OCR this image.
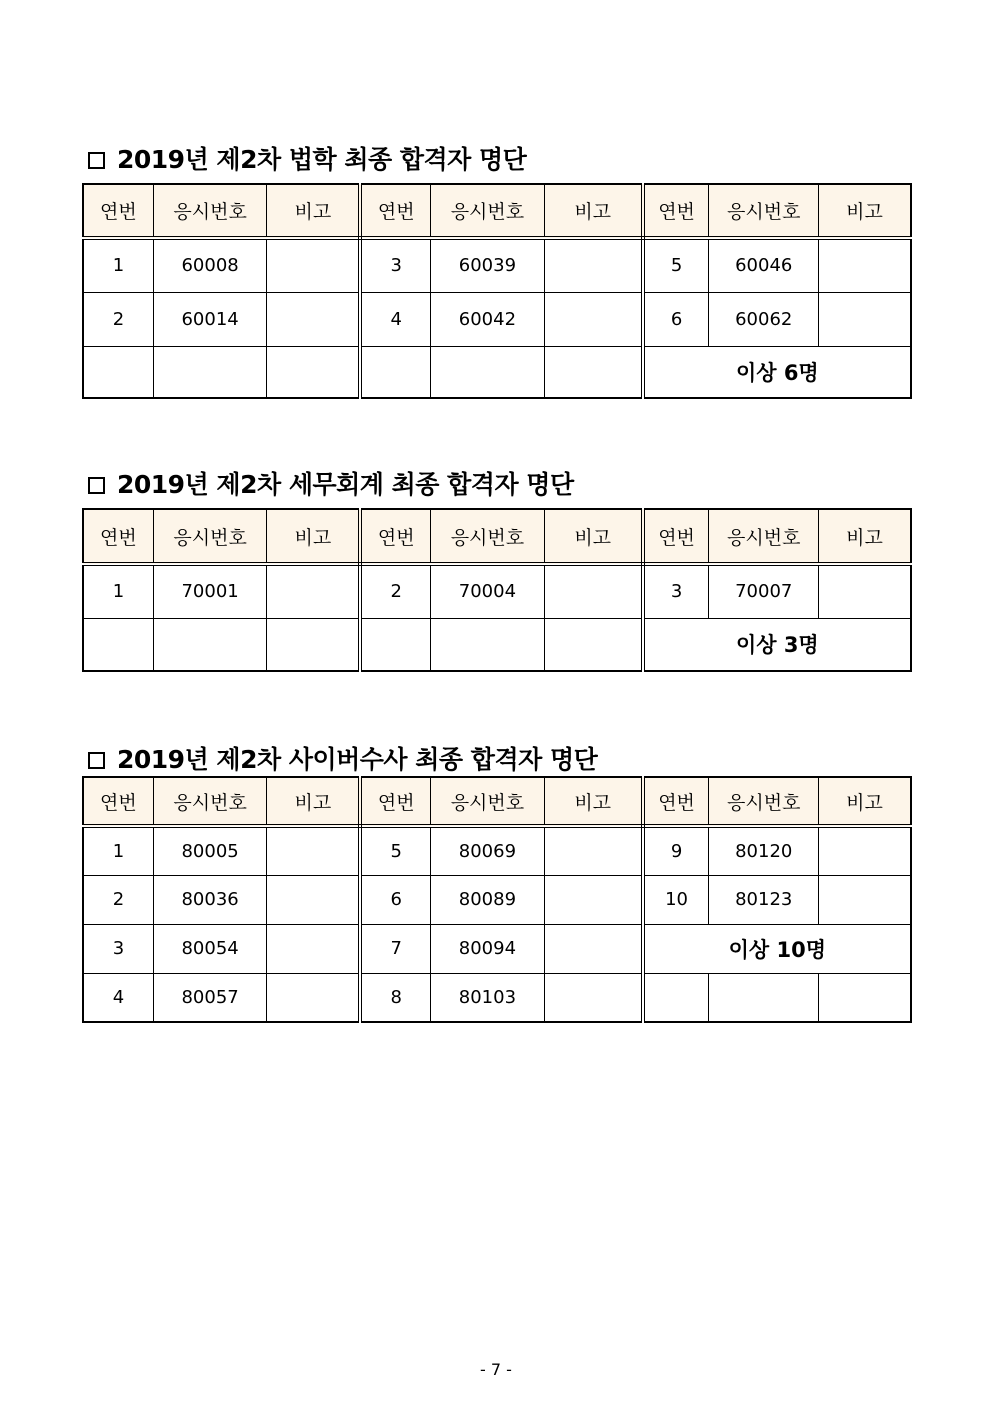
2019년 제2차 법학 최종 합격자 명단
연번	응시번호	비고	연번	응시번호	비고	연번	응시번호	비고
1	60008		3	60039		5	60046	
2	60014		4	60042		6	60062	
						이상 6명		
2019년 제2차 세무회계 최종 합격자 명단
연번	응시번호	비고	연번	응시번호	비고	연번	응시번호	비고
1	70001		2	70004		3	70007	
						이상 3명		
2019년 제2차 사이버수사 최종 합격자 명단
연번	응시번호	비고	연번	응시번호	비고	연번	응시번호	비고
1	80005		5	80069		9	80120	
2	80036		6	80089		10	80123	
3	80054		7	80094		이상 10명		
4	80057		8	80103				
- 7 -
